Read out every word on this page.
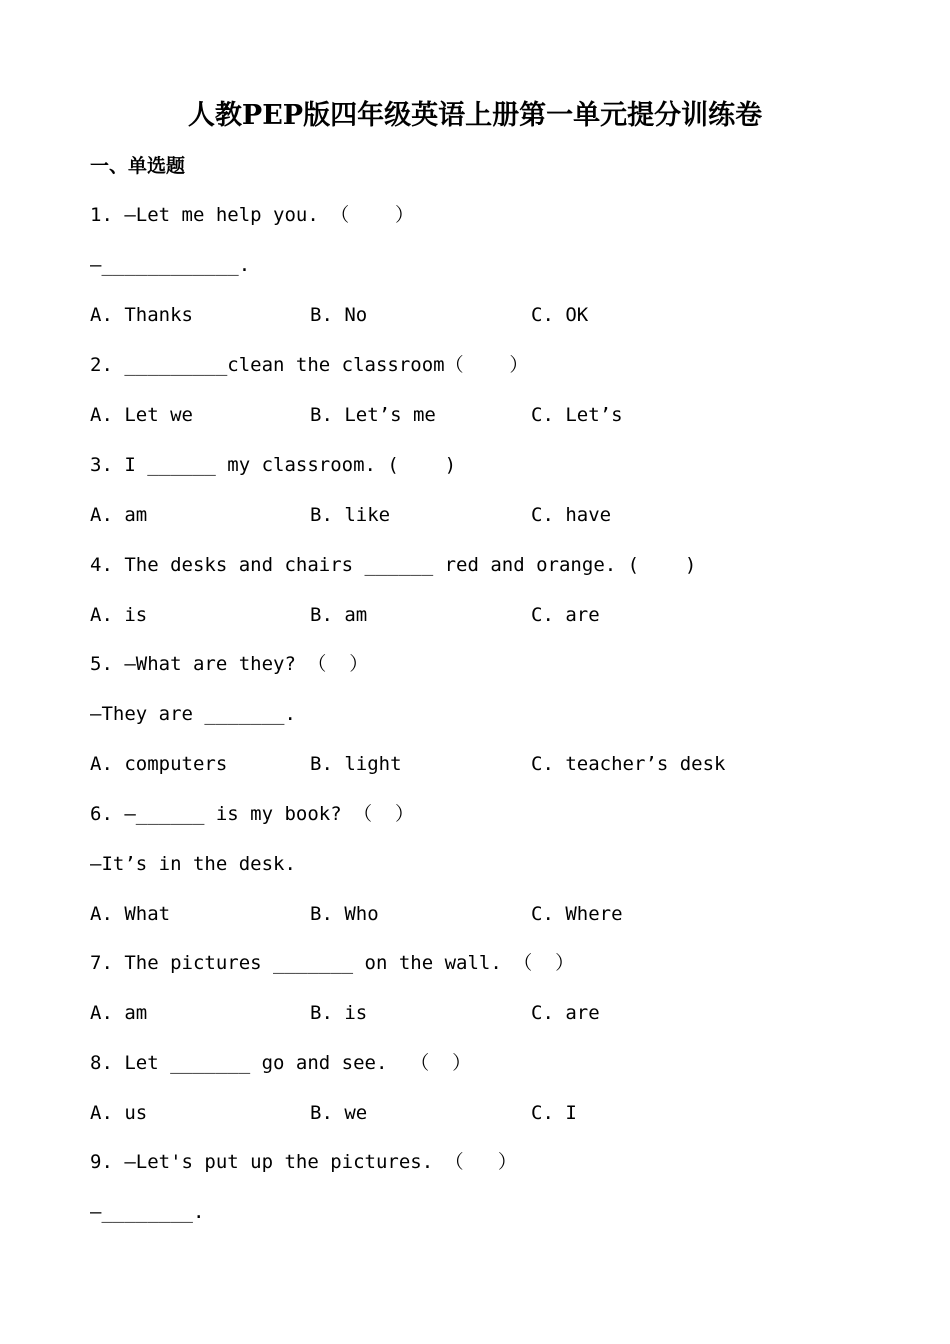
人教PEP版四年级英语上册第一单元提分训练卷
一、单选题
1. —Let me help you. （    ）
—____________.

A. Thanks

	B. No

	C. OK

2. _________clean the classroom（    ）

A. Let we

	B. Let’s me

	C. Let’s

3. I ______ my classroom. (    )

A. am

	B. like

	C. have

4. The desks and chairs ______ red and orange. (    )

A. is

	B. am

	C. are

5. —What are they? （  ）
—They are _______.

A. computers

	B. light

	C. teacher’s desk

6. —______ is my book? （  ）
—It’s in the desk.

A. What

	B. Who

	C. Where

7. The pictures _______ on the wall. （  ）

A. am

	B. is

	C. are

8. Let _______ go and see.  （  ）

A. us

	B. we

	C. I

9. —Let's put up the pictures. （   ）
—________.
